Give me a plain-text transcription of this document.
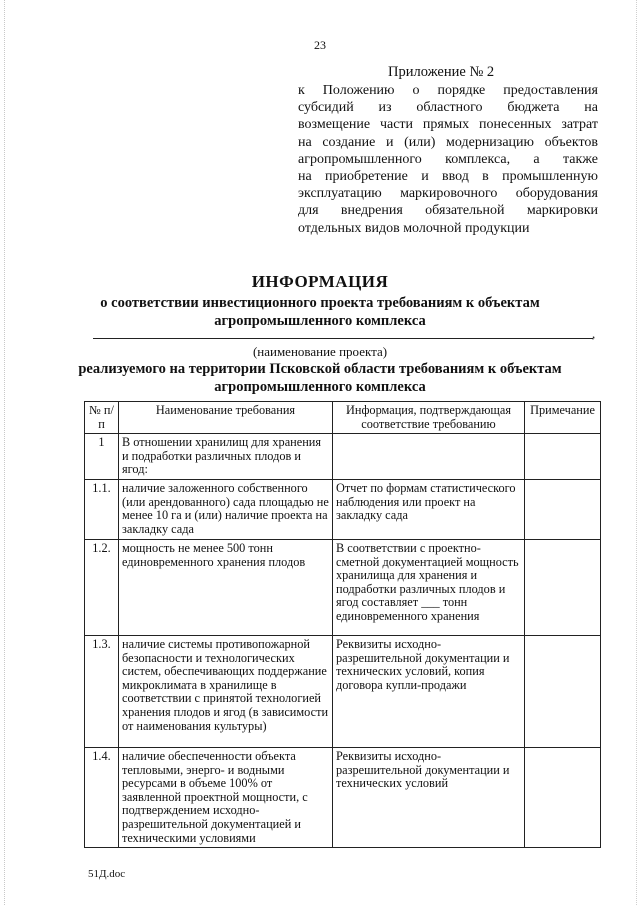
23
Приложение № 2
к Положению о порядке предоставления
субсидий из областного бюджета на
возмещение части прямых понесенных затрат
на создание и (или) модернизацию объектов
агропромышленного комплекса, а также
на приобретение и ввод в промышленную
эксплуатацию маркировочного оборудования
для внедрения обязательной маркировки
отдельных видов молочной продукции
ИНФОРМАЦИЯ
о соответствии инвестиционного проекта требованиям к объектам агропромышленного комплекса
,
(наименование проекта)
реализуемого на территории Псковской области требованиям к объектам агропромышленного комплекса
№ п/п	Наименование требования	Информация, подтверждающая соответствие требованию	Примечание
1	В отношении хранилищ для хранения и подработки различных плодов и ягод:		
1.1.	наличие заложенного собственного (или арендованного) сада площадью не менее 10 га и (или) наличие проекта на закладку сада	Отчет по формам статистического наблюдения или проект на закладку сада	
1.2.	мощность не менее 500 тонн единовременного хранения плодов	В соответствии с проектно-сметной документацией мощность хранилища для хранения и подработки различных плодов и ягод составляет ___ тонн единовременного хранения	
1.3.	наличие системы противопожарной безопасности и технологических систем, обеспечивающих поддержание микроклимата в хранилище в соответствии с принятой технологией хранения плодов и ягод (в зависимости от наименования культуры)	Реквизиты исходно-разрешительной документации и технических условий, копия договора купли-продажи	
1.4.	наличие обеспеченности объекта тепловыми, энерго- и водными ресурсами в объеме 100% от заявленной проектной мощности, с подтверждением исходно-разрешительной документацией и техническими условиями	Реквизиты исходно-разрешительной документации и технических условий	
51Д.doc
